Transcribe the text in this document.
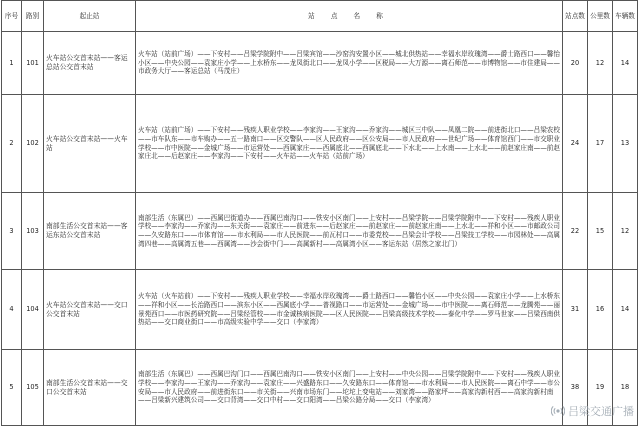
序号	路别	起止站	站 点 名 称	站点数	公里数	车辆数
1	101	火车站公交首末站——客运总站公交首末站	火车站（站前广场）——下安村——吕梁学院附中——吕梁宾馆——沙窑沟安置小区——城北供热站——幸福水岸玫瑰湾——爵士路西口——馨怡小区——中央公园——袁家庄小学——上水桥东——龙凤街北口——龙凤小学——区税局——大万源——离石师范——市博物馆——市住建局——市政务大厅——客运总站（马茂庄）	20	12	14
2	102	火车站公交首末站——火车站	火车站（站前广场）——下安村——残疾人职业学校——李家沟——王家沟——乔家沟——城区三中队——凤凰二院——前进街北口——吕梁农校——市车队东——市车购办——五一路南口——区交警队——区人民政府——区公安局——市人民政府——世纪广场——体育馆西门——市交职业学校——市中医院——金城广场——市运营处——西属家庄——西属底北——西属底北——下水北——上水南——上水北——前赵家庄南——前赵家庄北——后赵家庄——李家沟——下安村——火车站——火车站（站前广场）	24	17	13
3	103	南部生活公交首末站——客运东站公交首末站	南部生活（东属巴）——西属巴街道办——西属巴南沟口——铁安小区南门——上安村——吕梁学院——吕梁学院附中——下安村——残疾人职业学校——李家沟——乔家沟——东关街——袁家庄——前进东——后赵家庄——前赵家庄——前赵家庄南——上水北——祥和小区——市邮政公司——久安路东口——市体育馆——市水利局——市人民医院——前瓦村口——市委党校——吕梁会计学校——吕梁技工学校——市园林处——高属湾四巷——高属湾五巷——西属湾——沙会街中门——高属新村——高属湾小区——客运东站（居然之家北门）	22	15	12
4	104	火车站公交首末站——交口公交首末站	火车站（火车站前）——下安村——残疾人职业学校——幸福水岸玫瑰湾——爵士路西口——馨怡小区——中央公园——袁家庄小学——上水桥东——祥和小区——长治路西口——滨东小区——西属底小学——普视路口——市运营处——金城广场——市中医院——离石师范——龙腾苑——丽景苑西口——市医药研究院——吕梁经管校——市金诚核病医院——区人民医院——吕梁高级技术学校——泰化中学——罗马世家——吕梁西南供热站——交口商业街口——市高级实验中学——交口（李家湾）	31	16	14
5	105	南部生活公交首末站——交口公交首末站	南部生活（东属巴）——西属巴沟门口——西属巴南沟口——铁安小区南门——上安村——中央公园——吕梁学院附中——下安村——残疾人职业学校——李家沟——王家沟——乔家沟——袁家庄——兴盛路东口——久安路东口——体育馆——市水利局——市人民医院——离石中学——市公安局——市人民政府——前进街东口——市关街——兴南市场东门——坨坨上变电站——刘家湾——路家坪——高家沟新村西——高家沟新村南——吕梁新兴建筑公司——交口背湾——交口中村——交口阳湾——吕梁公路分局——交口（李家湾）	38	19	18
吕梁交通广播
